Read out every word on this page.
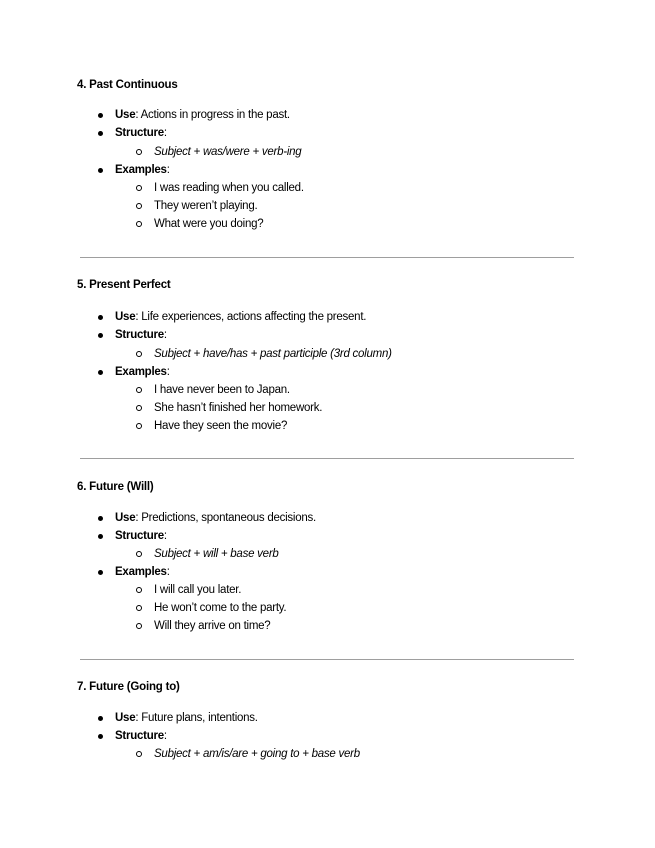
4. Past Continuous
Use: Actions in progress in the past.
Structure:
Subject + was/were + verb-ing
Examples:
I was reading when you called.
They weren’t playing.
What were you doing?
5. Present Perfect
Use: Life experiences, actions affecting the present.
Structure:
Subject + have/has + past participle (3rd column)
Examples:
I have never been to Japan.
She hasn’t finished her homework.
Have they seen the movie?
6. Future (Will)
Use: Predictions, spontaneous decisions.
Structure:
Subject + will + base verb
Examples:
I will call you later.
He won’t come to the party.
Will they arrive on time?
7. Future (Going to)
Use: Future plans, intentions.
Structure:
Subject + am/is/are + going to + base verb
